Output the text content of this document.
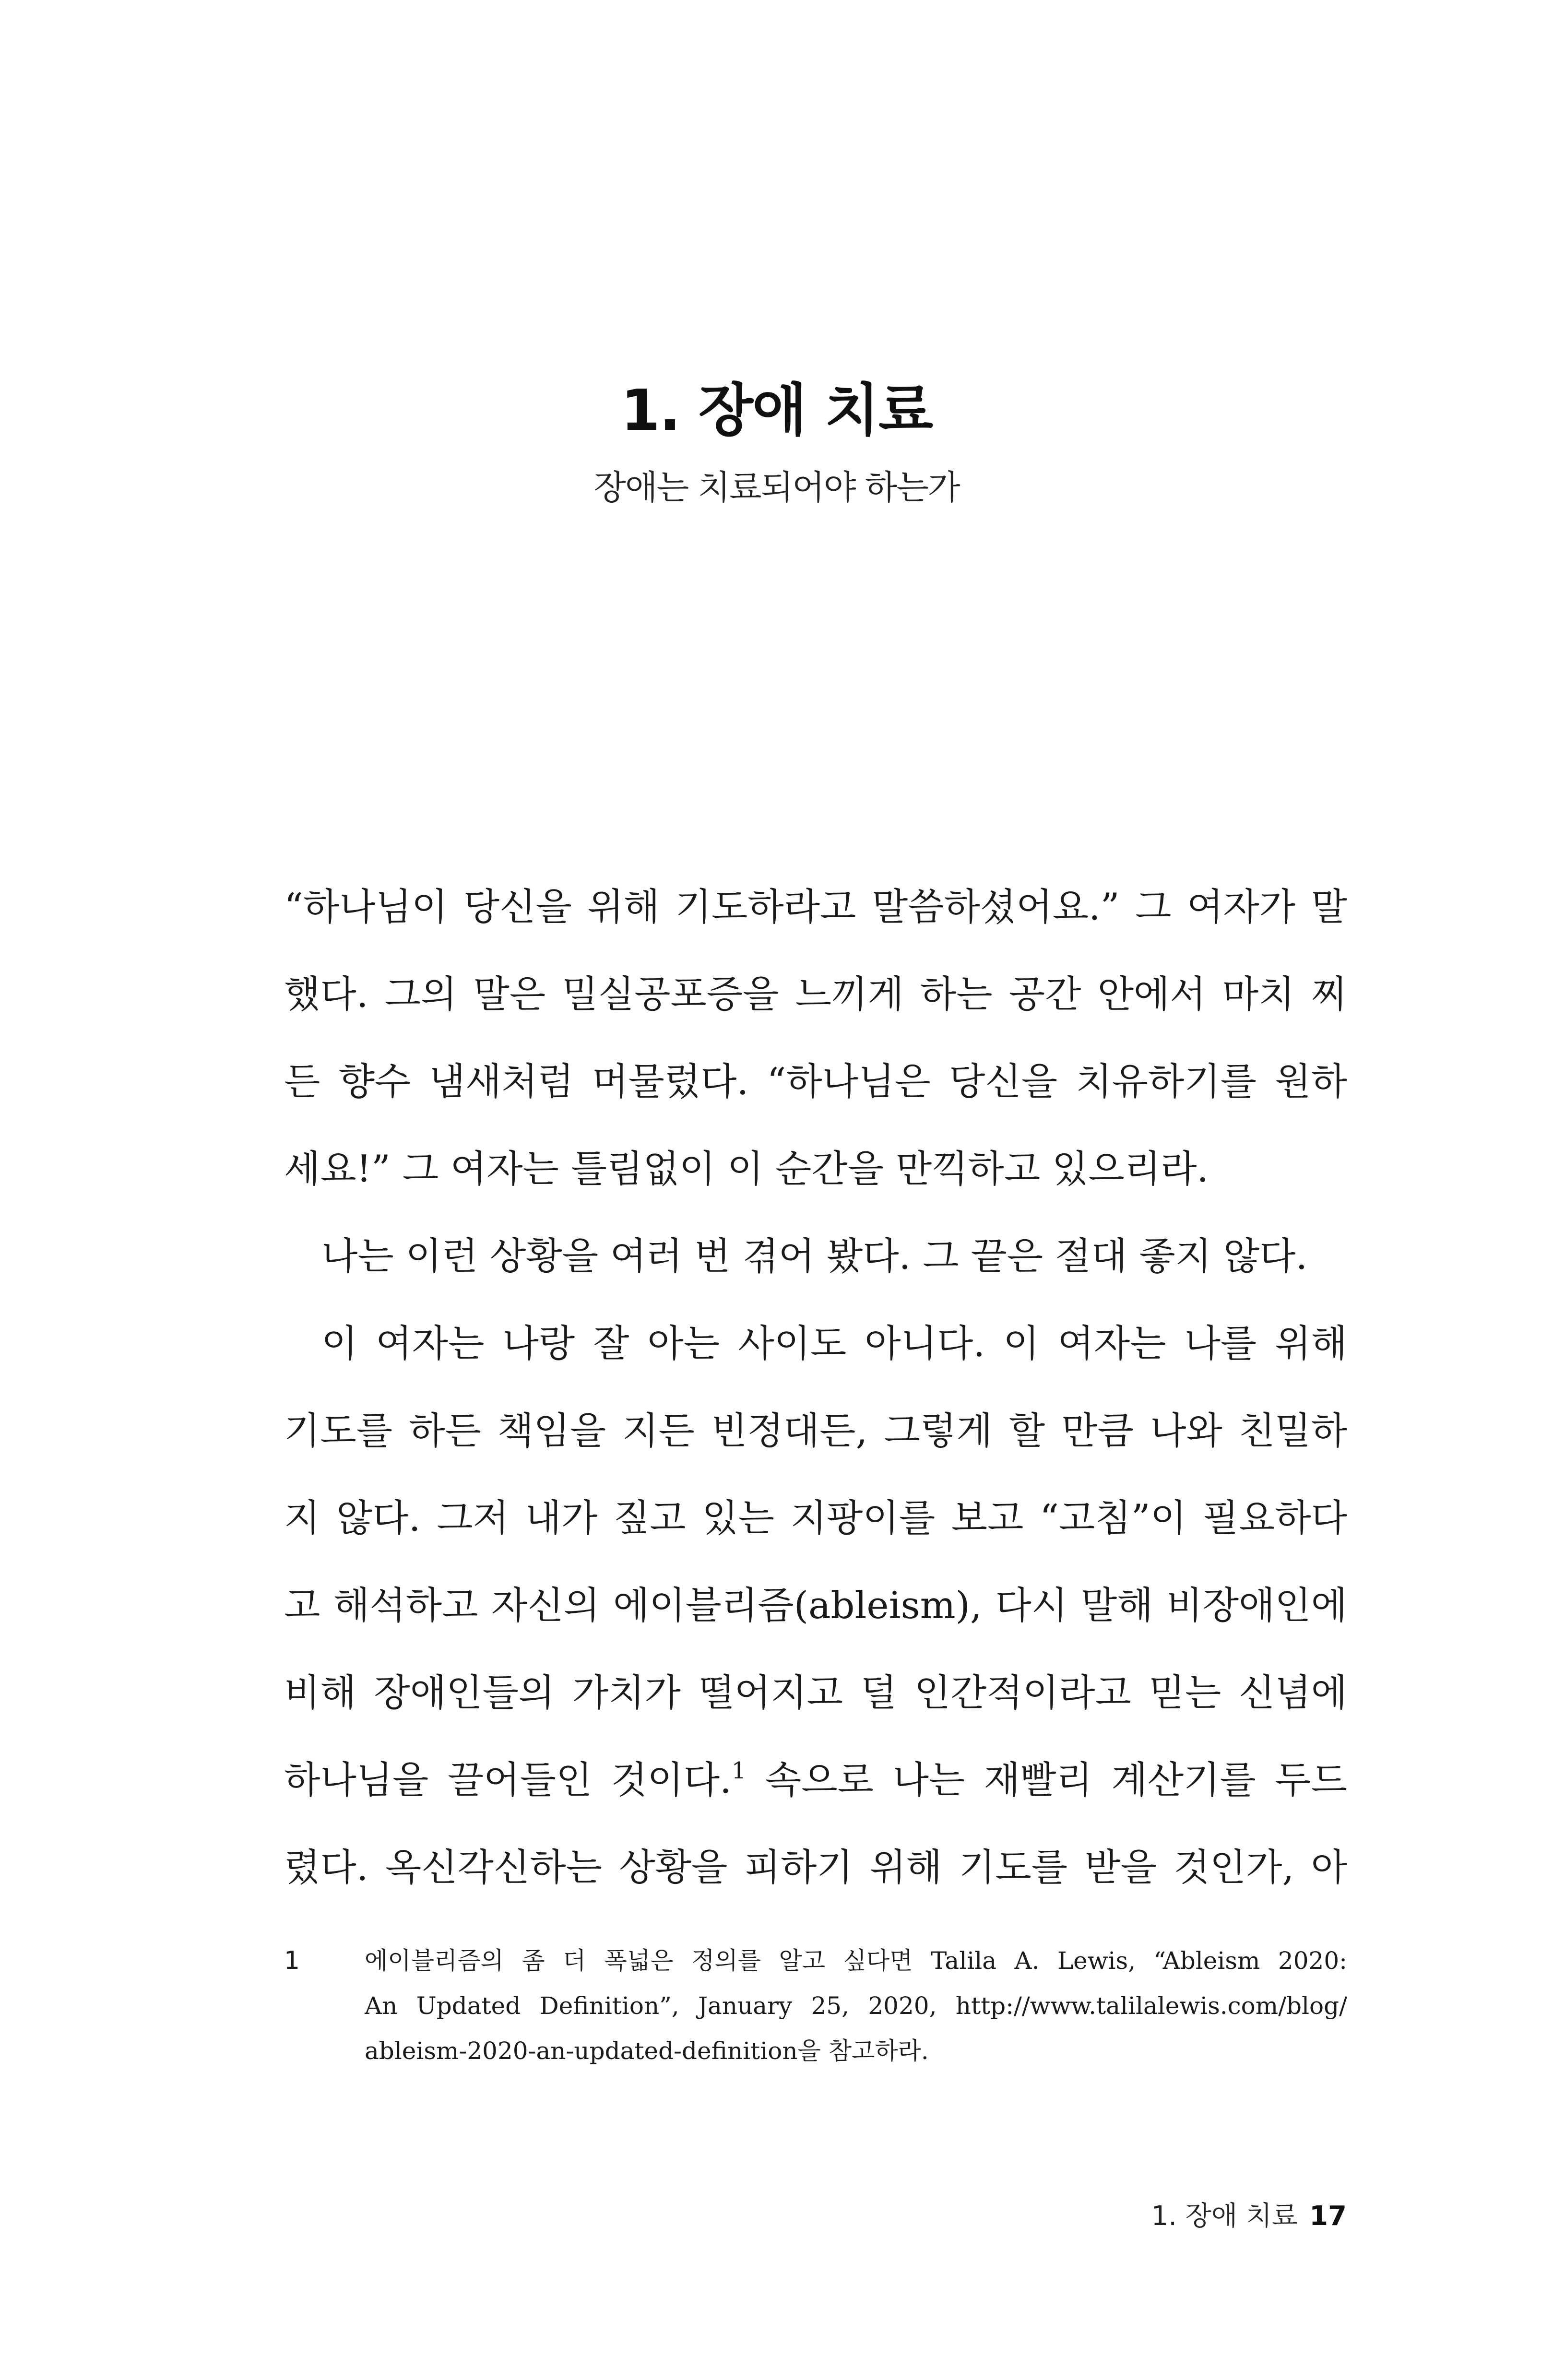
1. 장애 치료

장애는 치료되어야 하는가

“하나님이 당신을 위해 기도하라고 말씀하셨어요.” 그 여자가 말
했다. 그의 말은 밀실공포증을 느끼게 하는 공간 안에서 마치 찌
든 향수 냄새처럼 머물렀다. “하나님은 당신을 치유하기를 원하
세요!” 그 여자는 틀림없이 이 순간을 만끽하고 있으리라.
나는 이런 상황을 여러 번 겪어 봤다. 그 끝은 절대 좋지 않다.
이 여자는 나랑 잘 아는 사이도 아니다. 이 여자는 나를 위해
기도를 하든 책임을 지든 빈정대든, 그렇게 할 만큼 나와 친밀하
지 않다. 그저 내가 짚고 있는 지팡이를 보고 “고침”이 필요하다
고 해석하고 자신의 에이블리즘(ableism), 다시 말해 비장애인에
비해 장애인들의 가치가 떨어지고 덜 인간적이라고 믿는 신념에
하나님을 끌어들인 것이다.$^1$ 속으로 나는 재빨리 계산기를 두드
렸다. 옥신각신하는 상황을 피하기 위해 기도를 받을 것인가, 아
1	에이블리즘의 좀 더 폭넓은 정의를 알고 싶다면 Talila A. Lewis, “Ableism 2020:
An Updated Definition”, January 25, 2020, http://www.talilalewis.com/blog/
ableism-2020-an-updated-definition을 참고하라.
1. 장애 치료 17
